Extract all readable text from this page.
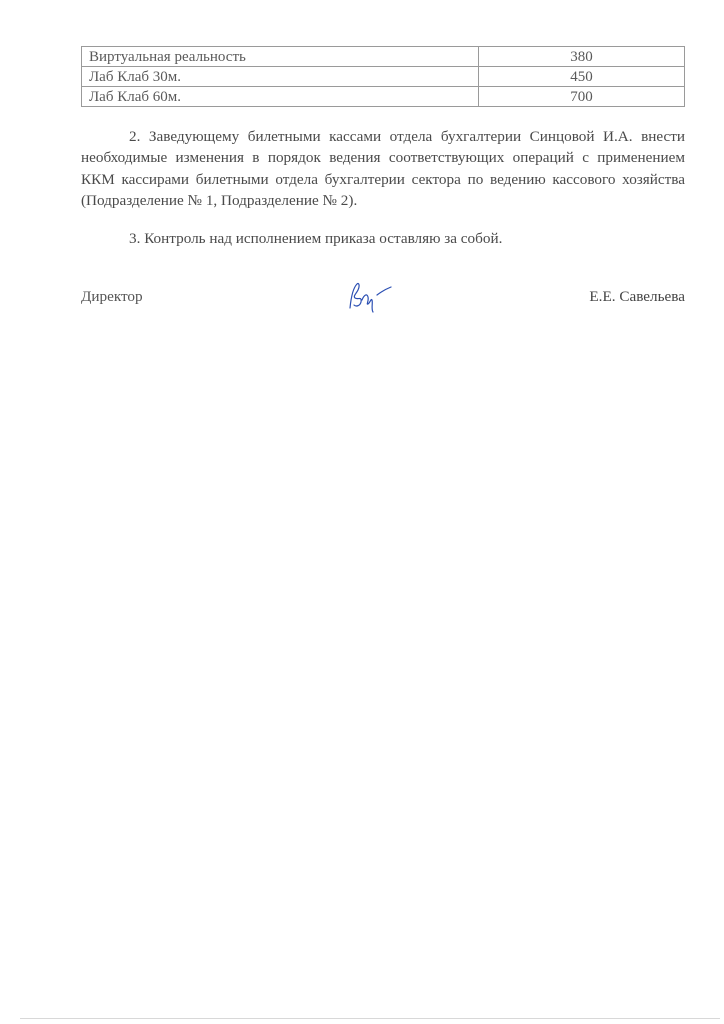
Виртуальная реальность	380
Лаб Клаб 30м.	450
Лаб Клаб 60м.	700

2. Заведующему билетными кассами отдела бухгалтерии Синцовой И.А. внести необходимые изменения в порядок ведения соответствующих операций с применением ККМ кассирами билетными отдела бухгалтерии сектора по ведению кассового хозяйства (Подразделение № 1, Подразделение № 2).

3. Контроль над исполнением приказа оставляю за собой.

Директор	Е.Е. Савельева
